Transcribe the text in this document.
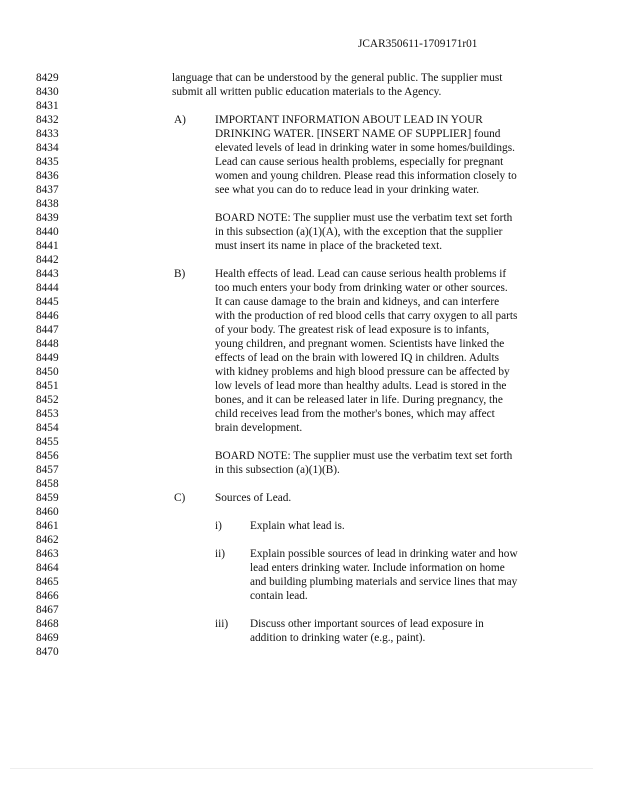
JCAR350611-1709171r01
8429	language that can be understood by the general public. The supplier must
8430	submit all written public education materials to the Agency.
8431
8432	A)	IMPORTANT INFORMATION ABOUT LEAD IN YOUR
8433	DRINKING WATER. [INSERT NAME OF SUPPLIER] found
8434	elevated levels of lead in drinking water in some homes/buildings.
8435	Lead can cause serious health problems, especially for pregnant
8436	women and young children. Please read this information closely to
8437	see what you can do to reduce lead in your drinking water.
8438
8439	BOARD NOTE: The supplier must use the verbatim text set forth
8440	in this subsection (a)(1)(A), with the exception that the supplier
8441	must insert its name in place of the bracketed text.
8442
8443	B)	Health effects of lead. Lead can cause serious health problems if
8444	too much enters your body from drinking water or other sources.
8445	It can cause damage to the brain and kidneys, and can interfere
8446	with the production of red blood cells that carry oxygen to all parts
8447	of your body. The greatest risk of lead exposure is to infants,
8448	young children, and pregnant women. Scientists have linked the
8449	effects of lead on the brain with lowered IQ in children. Adults
8450	with kidney problems and high blood pressure can be affected by
8451	low levels of lead more than healthy adults. Lead is stored in the
8452	bones, and it can be released later in life. During pregnancy, the
8453	child receives lead from the mother's bones, which may affect
8454	brain development.
8455
8456	BOARD NOTE: The supplier must use the verbatim text set forth
8457	in this subsection (a)(1)(B).
8458
8459	C)	Sources of Lead.
8460
8461	i) Explain what lead is.
8462
8463	ii) Explain possible sources of lead in drinking water and how
8464	lead enters drinking water. Include information on home
8465	and building plumbing materials and service lines that may
8466	contain lead.
8467
8468	iii) Discuss other important sources of lead exposure in
8469	addition to drinking water (e.g., paint).
8470
